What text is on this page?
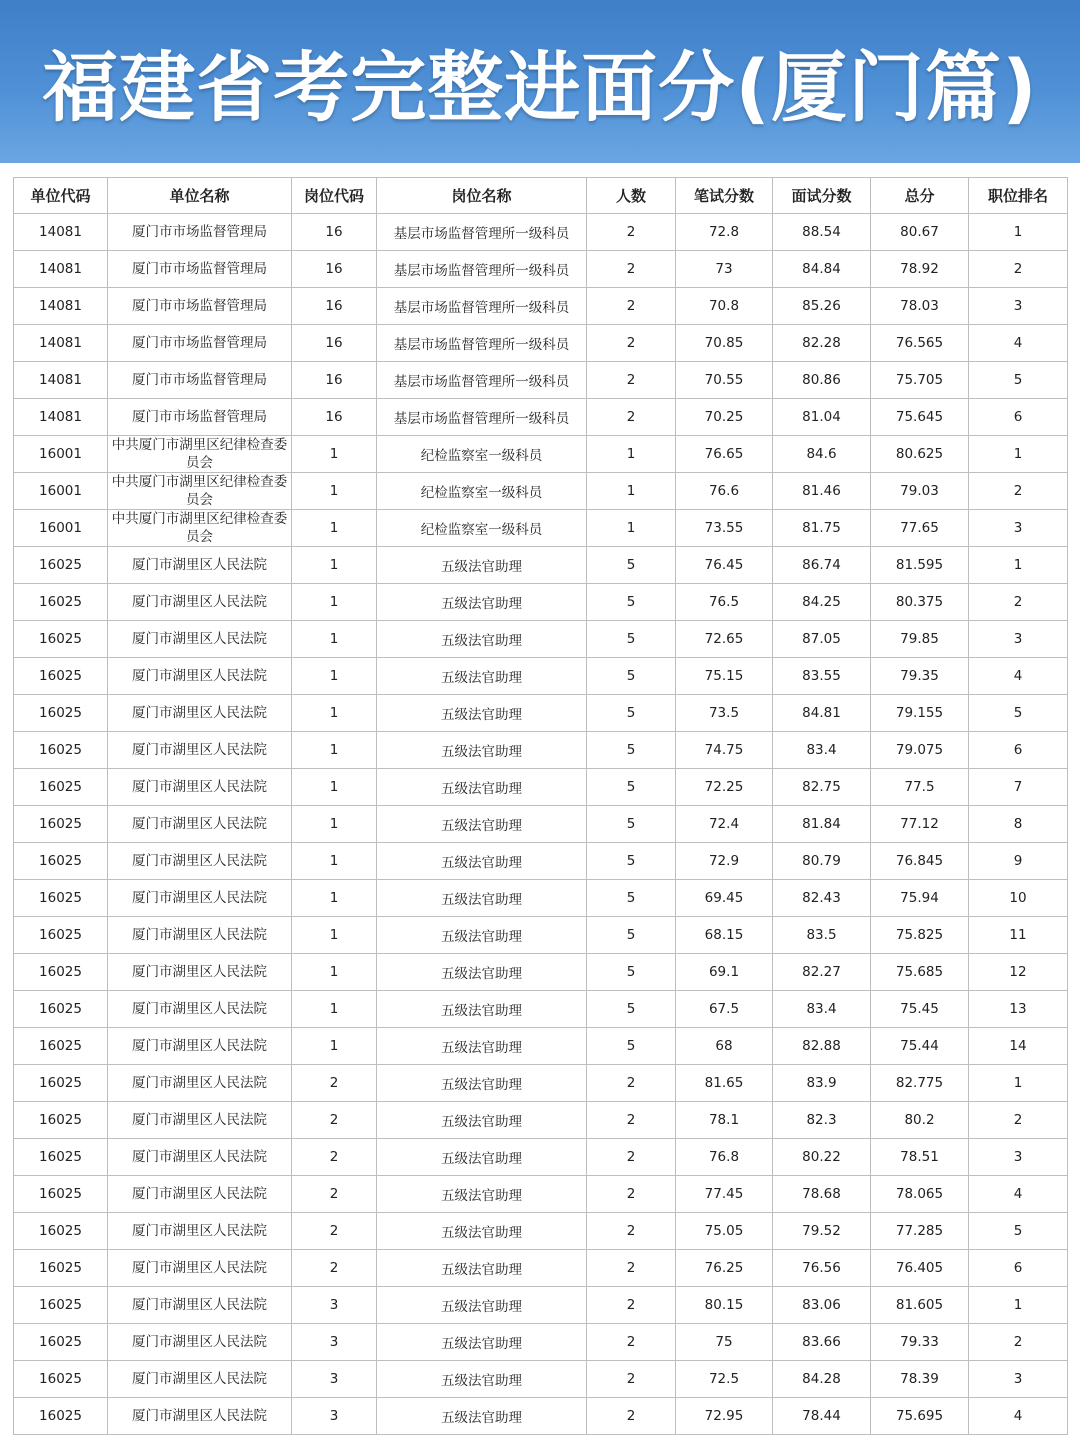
福建省考完整进面分(厦门篇)
单位代码	单位名称	岗位代码	岗位名称	人数	笔试分数	面试分数	总分	职位排名
14081	厦门市市场监督管理局	16	基层市场监督管理所一级科员	2	72.8	88.54	80.67	1
14081	厦门市市场监督管理局	16	基层市场监督管理所一级科员	2	73	84.84	78.92	2
14081	厦门市市场监督管理局	16	基层市场监督管理所一级科员	2	70.8	85.26	78.03	3
14081	厦门市市场监督管理局	16	基层市场监督管理所一级科员	2	70.85	82.28	76.565	4
14081	厦门市市场监督管理局	16	基层市场监督管理所一级科员	2	70.55	80.86	75.705	5
14081	厦门市市场监督管理局	16	基层市场监督管理所一级科员	2	70.25	81.04	75.645	6
16001	中共厦门市湖里区纪律检查委员会	1	纪检监察室一级科员	1	76.65	84.6	80.625	1
16001	中共厦门市湖里区纪律检查委员会	1	纪检监察室一级科员	1	76.6	81.46	79.03	2
16001	中共厦门市湖里区纪律检查委员会	1	纪检监察室一级科员	1	73.55	81.75	77.65	3
16025	厦门市湖里区人民法院	1	五级法官助理	5	76.45	86.74	81.595	1
16025	厦门市湖里区人民法院	1	五级法官助理	5	76.5	84.25	80.375	2
16025	厦门市湖里区人民法院	1	五级法官助理	5	72.65	87.05	79.85	3
16025	厦门市湖里区人民法院	1	五级法官助理	5	75.15	83.55	79.35	4
16025	厦门市湖里区人民法院	1	五级法官助理	5	73.5	84.81	79.155	5
16025	厦门市湖里区人民法院	1	五级法官助理	5	74.75	83.4	79.075	6
16025	厦门市湖里区人民法院	1	五级法官助理	5	72.25	82.75	77.5	7
16025	厦门市湖里区人民法院	1	五级法官助理	5	72.4	81.84	77.12	8
16025	厦门市湖里区人民法院	1	五级法官助理	5	72.9	80.79	76.845	9
16025	厦门市湖里区人民法院	1	五级法官助理	5	69.45	82.43	75.94	10
16025	厦门市湖里区人民法院	1	五级法官助理	5	68.15	83.5	75.825	11
16025	厦门市湖里区人民法院	1	五级法官助理	5	69.1	82.27	75.685	12
16025	厦门市湖里区人民法院	1	五级法官助理	5	67.5	83.4	75.45	13
16025	厦门市湖里区人民法院	1	五级法官助理	5	68	82.88	75.44	14
16025	厦门市湖里区人民法院	2	五级法官助理	2	81.65	83.9	82.775	1
16025	厦门市湖里区人民法院	2	五级法官助理	2	78.1	82.3	80.2	2
16025	厦门市湖里区人民法院	2	五级法官助理	2	76.8	80.22	78.51	3
16025	厦门市湖里区人民法院	2	五级法官助理	2	77.45	78.68	78.065	4
16025	厦门市湖里区人民法院	2	五级法官助理	2	75.05	79.52	77.285	5
16025	厦门市湖里区人民法院	2	五级法官助理	2	76.25	76.56	76.405	6
16025	厦门市湖里区人民法院	3	五级法官助理	2	80.15	83.06	81.605	1
16025	厦门市湖里区人民法院	3	五级法官助理	2	75	83.66	79.33	2
16025	厦门市湖里区人民法院	3	五级法官助理	2	72.5	84.28	78.39	3
16025	厦门市湖里区人民法院	3	五级法官助理	2	72.95	78.44	75.695	4
